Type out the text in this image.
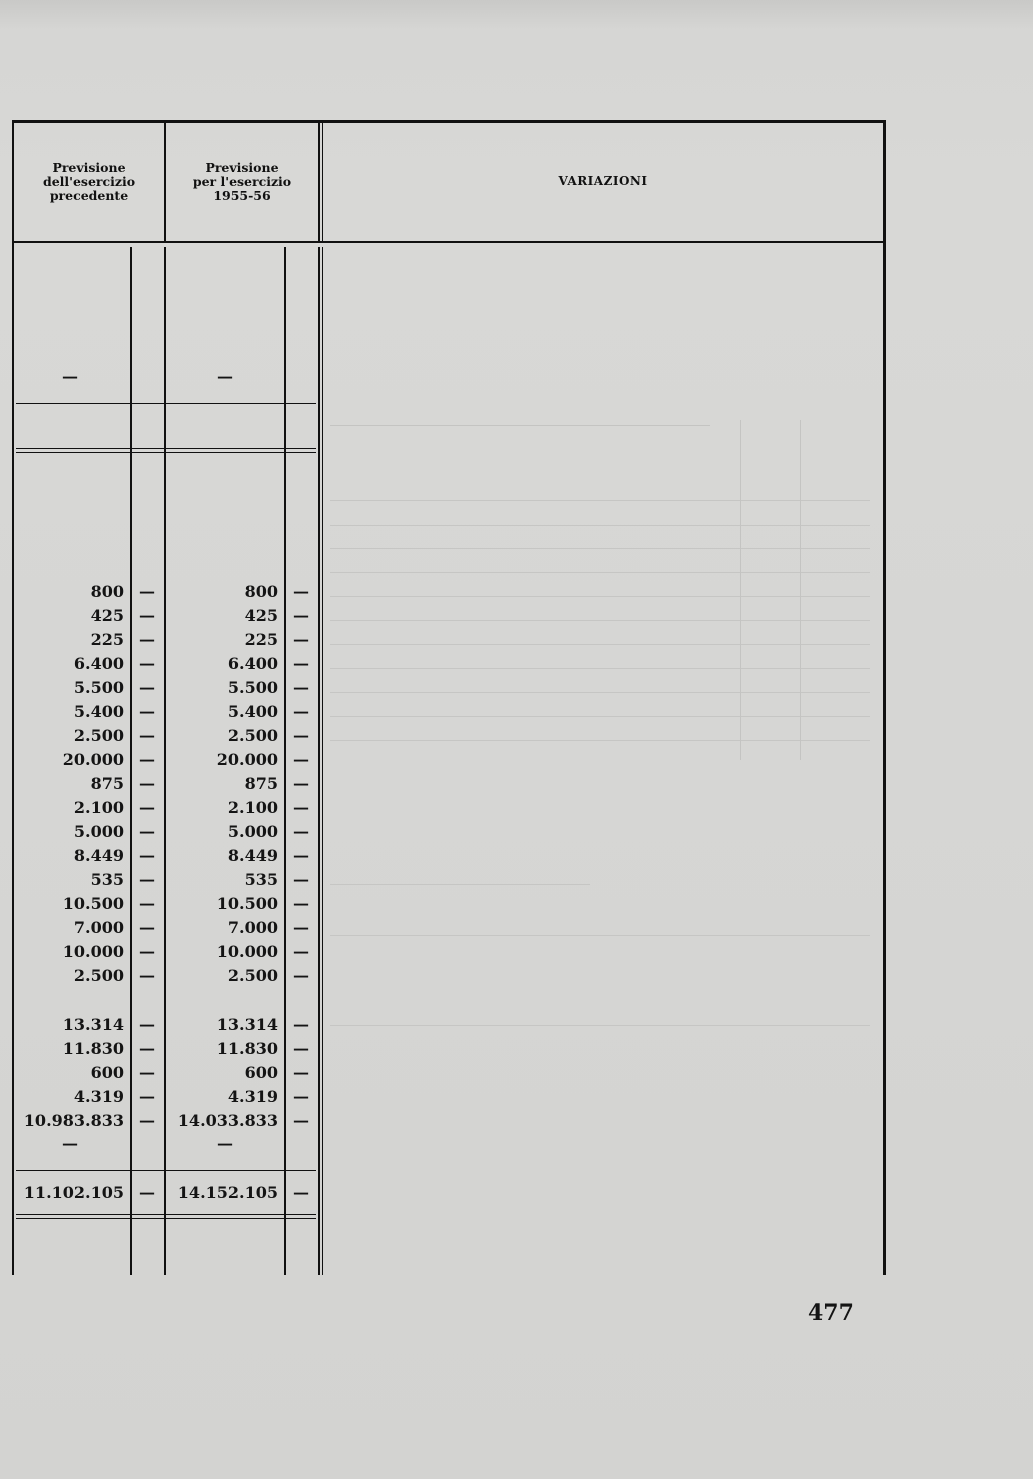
Previsione
dell'esercizio
precedente
Previsione
per l'esercizio
1955-56
VARIAZIONI
—	—
800 —	800 —
425 —	425 —
225 —	225 —
6.400 —	6.400 —
5.500 —	5.500 —
5.400 —	5.400 —
2.500 —	2.500 —
20.000 —	20.000 —
875 —	875 —
2.100 —	2.100 —
5.000 —	5.000 —
8.449 —	8.449 —
535 —	535 —
10.500 —	10.500 —
7.000 —	7.000 —
10.000 —	10.000 —
2.500 —	2.500 —
13.314 —	13.314 —
11.830 —	11.830 —
600 —	600 —
4.319 —	4.319 —
10.983.833 —	14.033.833 —
—	—
11.102.105 —	14.152.105 —
477
